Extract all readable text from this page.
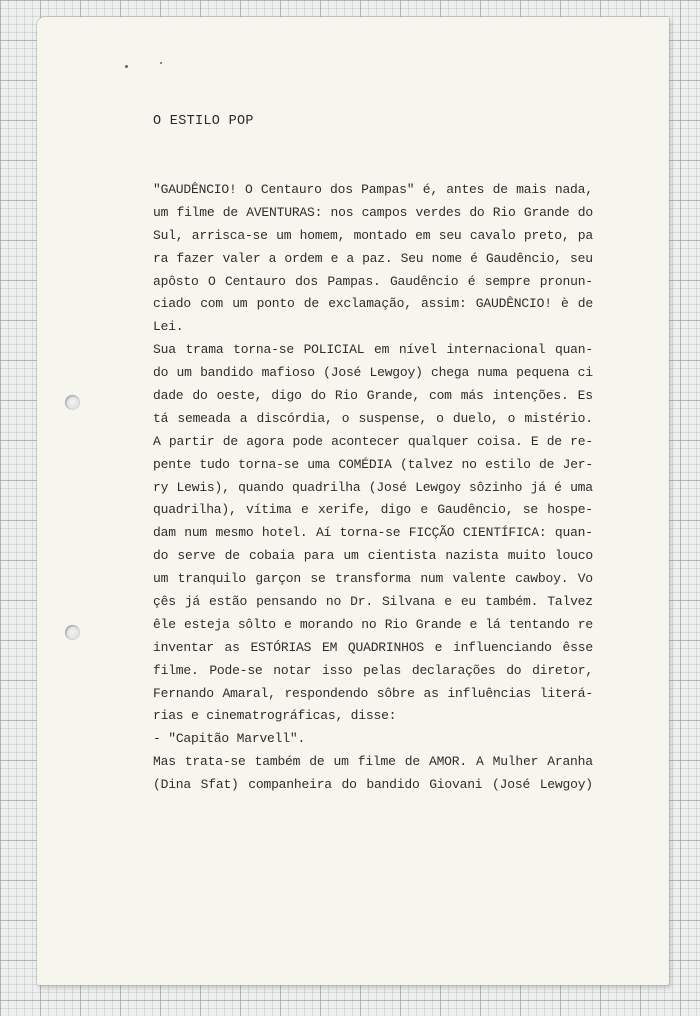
O ESTILO POP
"GAUDÊNCIO! O Centauro dos Pampas" é, antes de mais nada,
um filme de AVENTURAS: nos campos verdes do Rio Grande do
Sul, arrisca-se um homem, montado em seu cavalo preto, pa
ra fazer valer a ordem e a paz. Seu nome é Gaudêncio, seu
apôsto O Centauro dos Pampas. Gaudêncio é sempre pronun-
ciado com um ponto de exclamação, assim: GAUDÊNCIO! è de
Lei.
Sua trama torna-se POLICIAL em nível internacional quan-
do um bandido mafioso (José Lewgoy) chega numa pequena ci
dade do oeste, digo do Rio Grande, com más intenções. Es
tá semeada a discórdia, o suspense, o duelo, o mistério.
A partir de agora pode acontecer qualquer coisa. E de re-
pente tudo torna-se uma COMÉDIA (talvez no estilo de Jer-
ry Lewis), quando quadrilha (José Lewgoy sôzinho já é uma
quadrilha), vítima e xerife, digo e Gaudêncio, se hospe-
dam num mesmo hotel. Aí torna-se FICÇÃO CIENTÍFICA: quan-
do serve de cobaia para um cientista nazista muito louco
um tranquilo garçon se transforma num valente cawboy. Vo
çês já estão pensando no Dr. Silvana e eu também. Talvez
êle esteja sôlto e morando no Rio Grande e lá tentando re
inventar as ESTÓRIAS EM QUADRINHOS e influenciando êsse
filme. Pode-se notar isso pelas declarações do diretor,
Fernando Amaral, respondendo sôbre as influências literá-
rias e cinematrográficas, disse:
- "Capitão Marvell".
Mas trata-se também de um filme de AMOR. A Mulher Aranha
(Dina Sfat) companheira do bandido Giovani (José Lewgoy)
